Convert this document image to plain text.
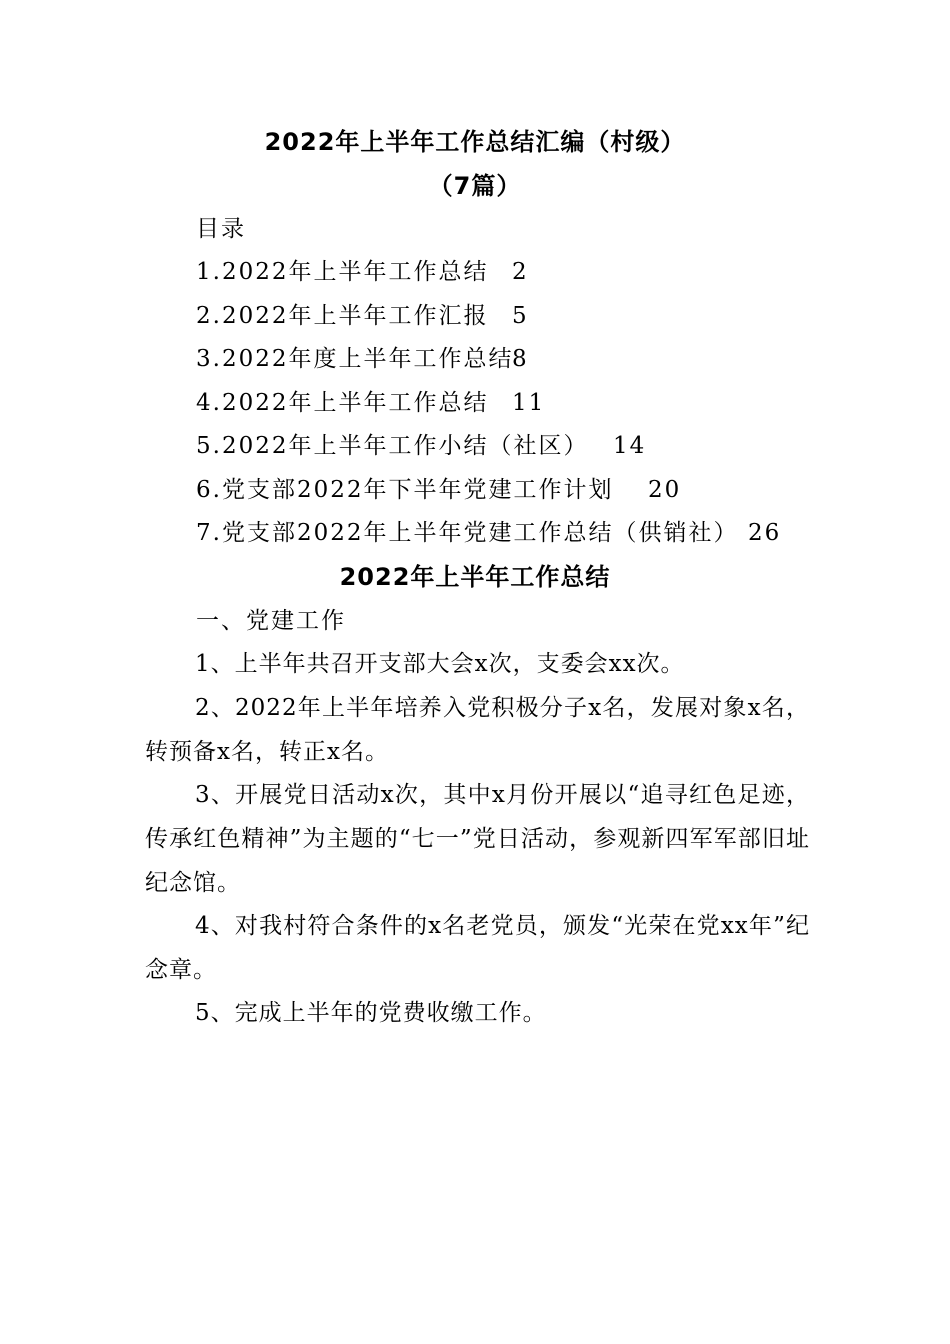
2022年上半年工作总结汇编（村级）
（7篇）
目录
1.2022年上半年工作总结 2
2.2022年上半年工作汇报 5
3.2022年度上半年工作总结
8
4.2022年上半年工作总结 11
5.2022年上半年工作小结（社区） 14
6.党支部2022年下半年党建工作计划 20
7.党支部2022年上半年党建工作总结（供销社） 26
2022年上半年工作总结
一、党建工作
1、上半年共召开支部大会x次，支委会xx次。
2、2022年上半年培养入党积极分子x名，发展对象x名，转预备x名，转正x名。
3、开展党日活动x次，其中x月份开展以“追寻红色足迹，传承红色精神”为主题的“七一”党日活动，参观新四军军部旧址纪念馆。
4、对我村符合条件的x名老党员，颁发“光荣在党xx年”纪念章。
5、完成上半年的党费收缴工作。
